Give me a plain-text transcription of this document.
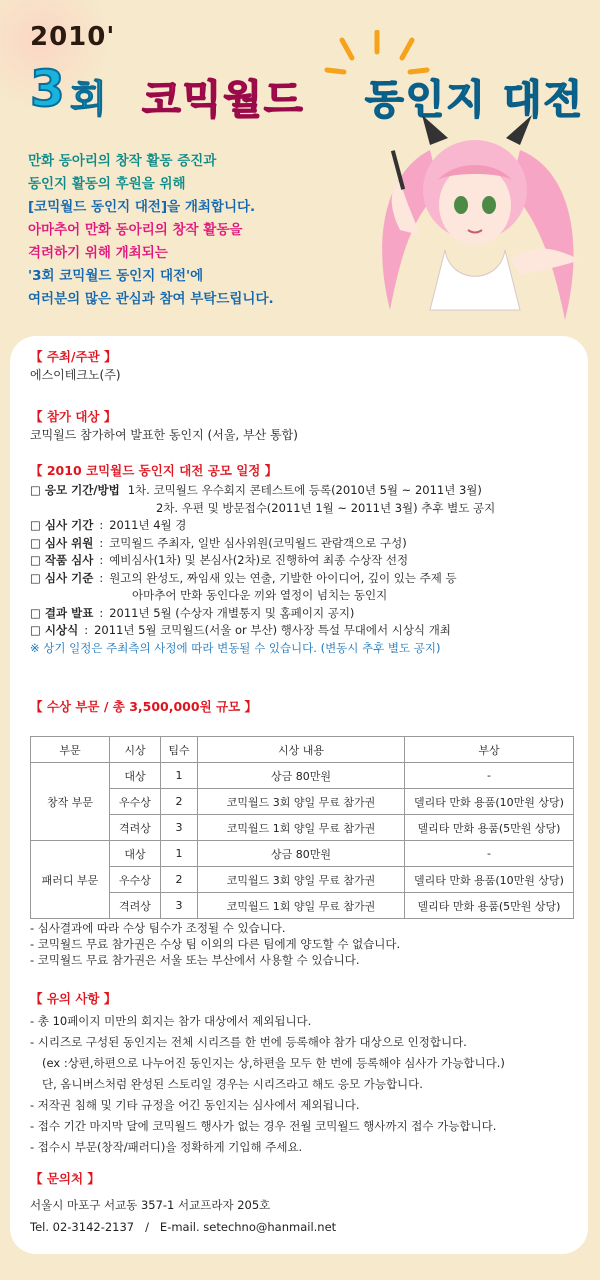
2010'
3 회 코믹월드 동인지 대전
만화 동아리의 창작 활동 증진과
동인지 활동의 후원을 위해
[코믹월드 동인지 대전]을 개최합니다.
아마추어 만화 동아리의 창작 활동을
격려하기 위해 개최되는
'3회 코믹월드 동인지 대전'에
여러분의 많은 관심과 참여 부탁드립니다.
【 주최/주관 】
에스이테크노(주)
【 참가 대상 】
코믹월드 참가하여 발표한 동인지 (서울, 부산 통합)
【 2010 코믹월드 동인지 대전 공모 일정 】
□ 응모 기간/방법 1차. 코믹월드 우수회지 콘테스트에 등록(2010년 5월 ~ 2011년 3월)
2차. 우편 및 방문접수(2011년 1월 ~ 2011년 3월) 추후 별도 공지
□ 심사 기간 : 2011년 4월 경
□ 심사 위원 : 코믹월드 주최자, 일반 심사위원(코믹월드 관람객으로 구성)
□ 작품 심사 : 예비심사(1차) 및 본심사(2차)로 진행하여 최종 수상작 선정
□ 심사 기준 : 원고의 완성도, 짜임새 있는 연출, 기발한 아이디어, 깊이 있는 주제 등
아마추어 만화 동인다운 끼와 열정이 넘치는 동인지
□ 결과 발표 : 2011년 5월 (수상자 개별통지 및 홈페이지 공지)
□ 시상식 : 2011년 5월 코믹월드(서울 or 부산) 행사장 특설 무대에서 시상식 개최
※ 상기 일정은 주최측의 사정에 따라 변동될 수 있습니다. (변동시 추후 별도 공지)
【 수상 부문 / 총 3,500,000원 규모 】
부문	시상	팀수	시상 내용	부상
창작 부문	대상	1	상금 80만원	-
	우수상	2	코믹월드 3회 양일 무료 참가권	델리타 만화 용품(10만원 상당)
	격려상	3	코믹월드 1회 양일 무료 참가권	델리타 만화 용품(5만원 상당)
패러디 부문	대상	1	상금 80만원	-
	우수상	2	코믹월드 3회 양일 무료 참가권	델리타 만화 용품(10만원 상당)
	격려상	3	코믹월드 1회 양일 무료 참가권	델리타 만화 용품(5만원 상당)
- 심사결과에 따라 수상 팀수가 조정될 수 있습니다.
- 코믹월드 무료 참가권은 수상 팀 이외의 다른 팀에게 양도할 수 없습니다.
- 코믹월드 무료 참가권은 서울 또는 부산에서 사용할 수 있습니다.
【 유의 사항 】
- 총 10페이지 미만의 회지는 참가 대상에서 제외됩니다.
- 시리즈로 구성된 동인지는 전체 시리즈를 한 번에 등록해야 참가 대상으로 인정합니다.
(ex :상편,하편으로 나누어진 동인지는 상,하편을 모두 한 번에 등록해야 심사가 가능합니다.)
단, 옴니버스처럼 완성된 스토리일 경우는 시리즈라고 해도 응모 가능합니다.
- 저작권 침해 및 기타 규정을 어긴 동인지는 심사에서 제외됩니다.
- 접수 기간 마지막 달에 코믹월드 행사가 없는 경우 전월 코믹월드 행사까지 접수 가능합니다.
- 접수시 부문(창작/패러디)을 정확하게 기입해 주세요.
【 문의처 】
서울시 마포구 서교동 357-1 서교프라자 205호
Tel. 02-3142-2137   /   E-mail. setechno@hanmail.net
